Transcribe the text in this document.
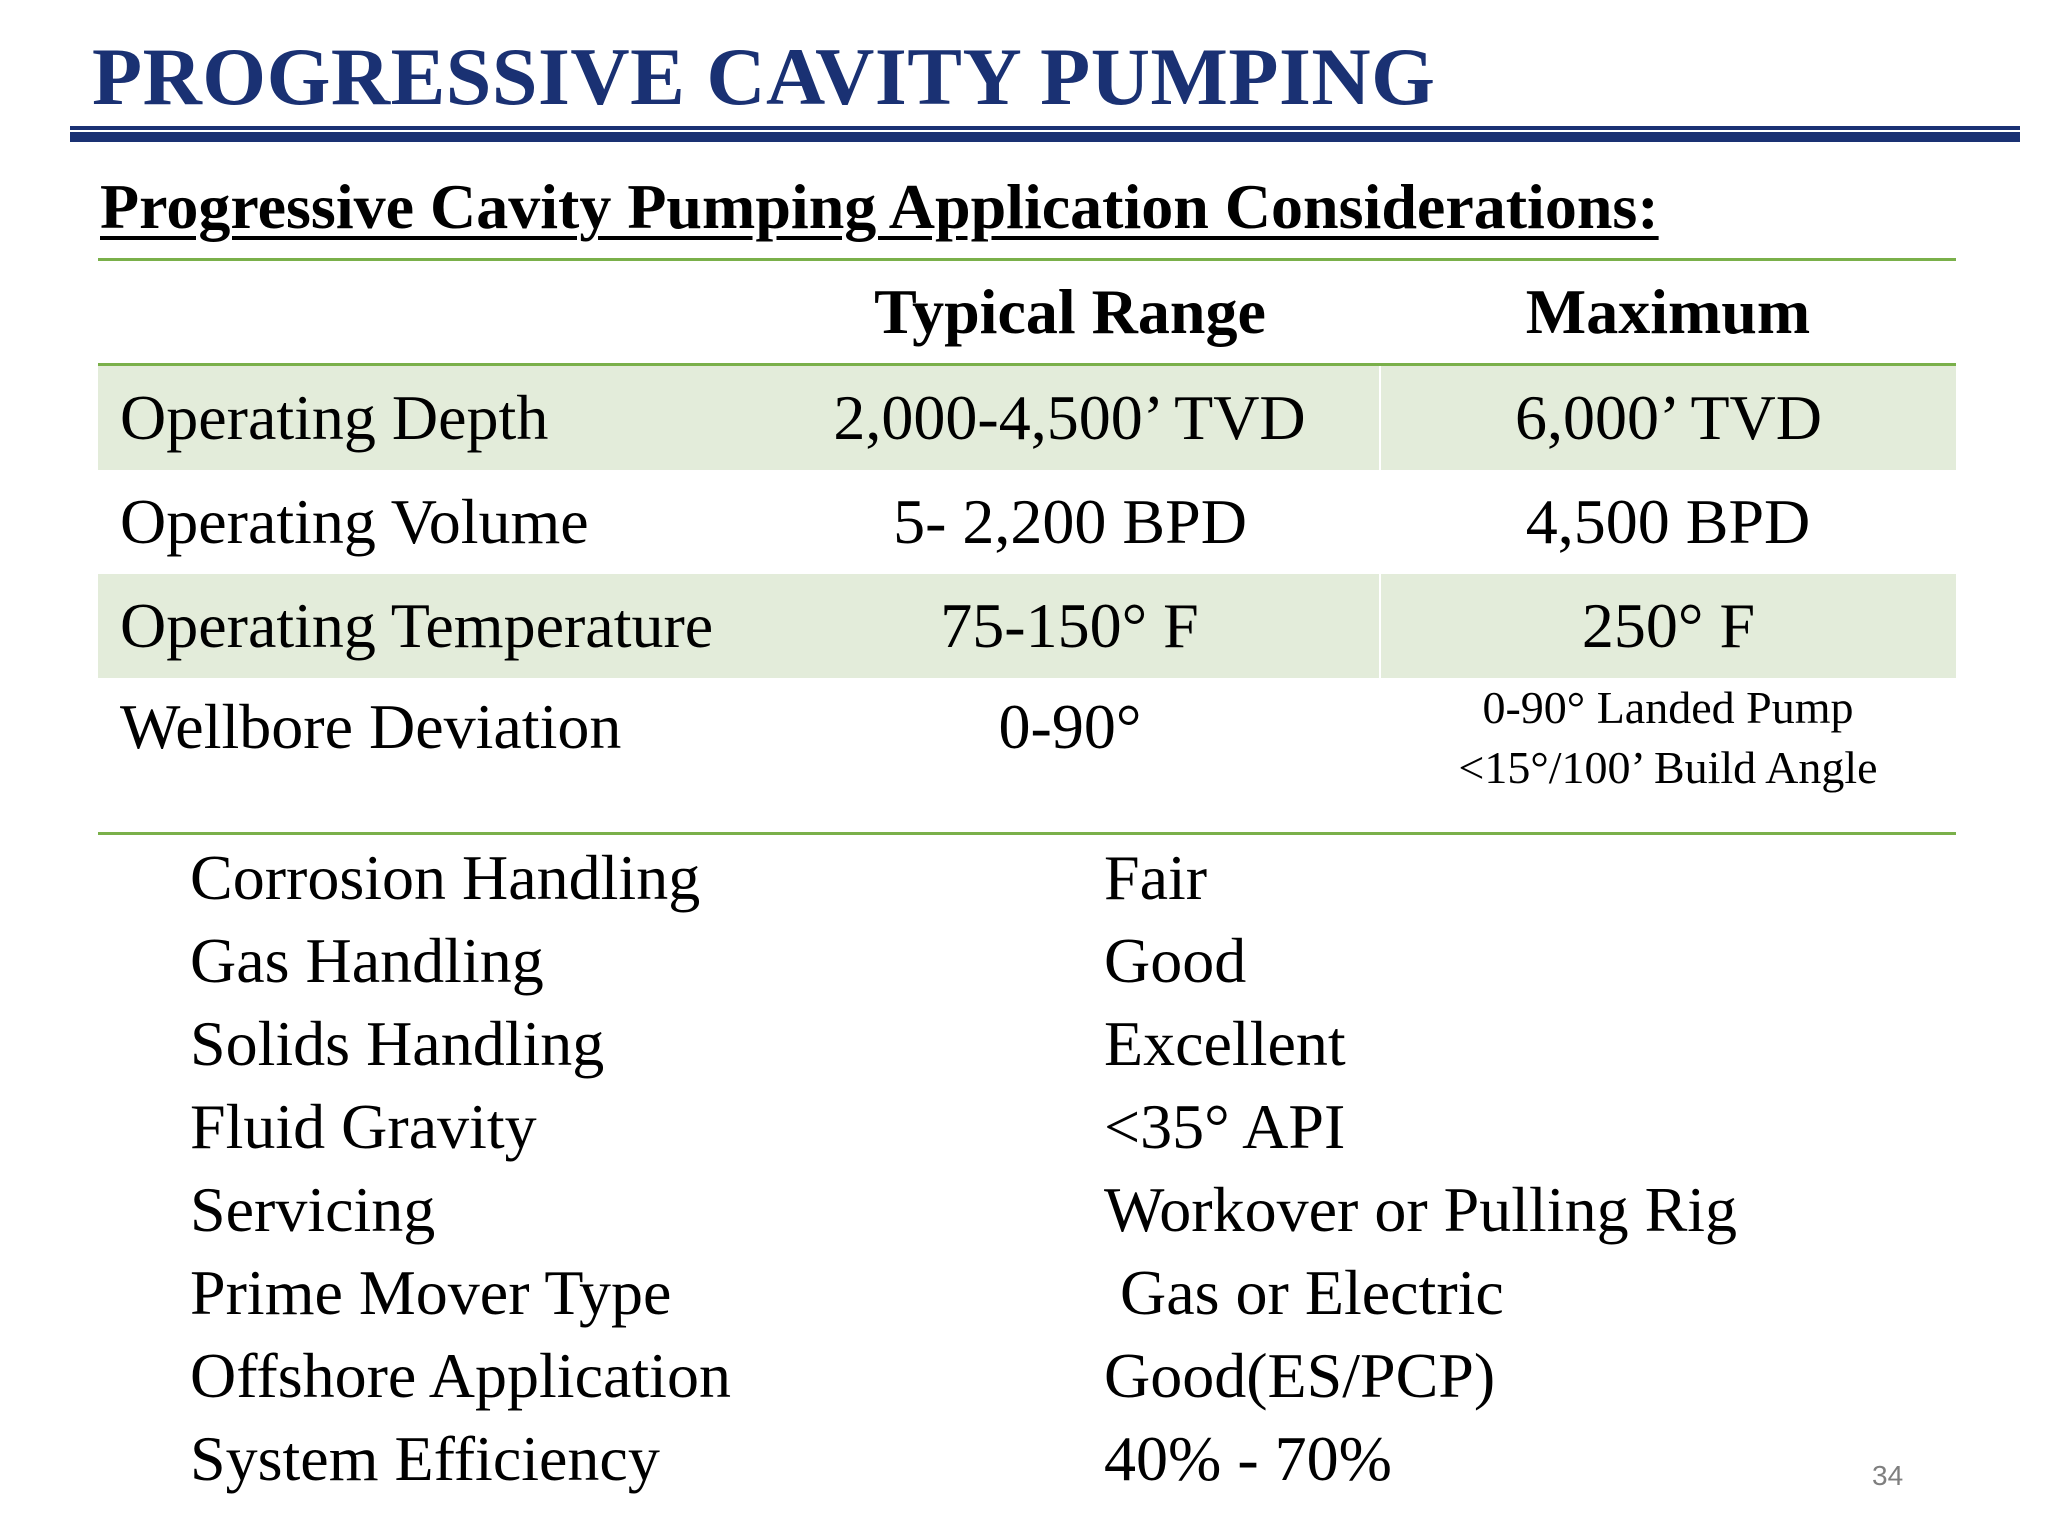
PROGRESSIVE CAVITY PUMPING
Progressive Cavity Pumping Application Considerations:
	Typical Range	Maximum
Operating Depth	2,000-4,500’ TVD	6,000’ TVD
Operating Volume	5- 2,200 BPD	4,500 BPD
Operating Temperature	75-150° F	250° F
Wellbore Deviation	0-90°	0-90° Landed Pump
<15°/100’ Build Angle
Corrosion Handling	Fair
Gas Handling	Good
Solids Handling	Excellent
Fluid Gravity	<35° API
Servicing	Workover or Pulling Rig
Prime Mover Type	Gas or Electric
Offshore Application	Good(ES/PCP)
System Efficiency	40% - 70%	34
